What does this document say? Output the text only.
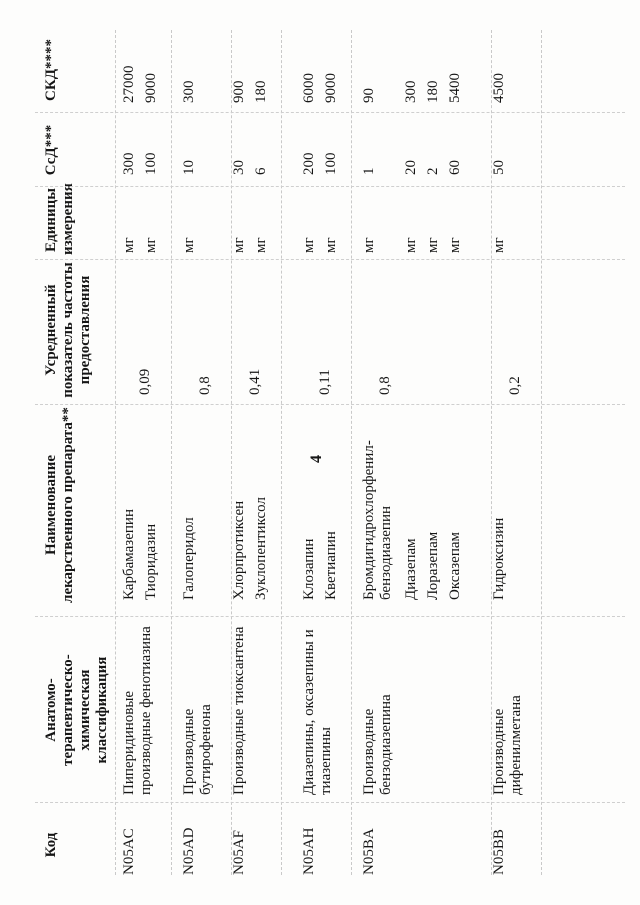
4
Код
Анатомо-терапевтическо-химическая классификация
Наименование лекарственного препарата**
Усредненный показатель частоты предоставления
Единицы измерения
СсД***
СКД****
N05AC
Пиперидиновые производные фенотиазина
0,09
Карбамазепин
мг
300
27000
Тиоридазин
мг
100
9000
N05AD
Производные бутирофенона
0,8
Галоперидол
мг
10
300
N05AF
Производные тиоксантена
0,41
Хлорпротиксен
мг
30
900
Зуклопентиксол
мг
6
180
N05AH
Диазепины, оксазепины и тиазепины
0,11
Клозапин
мг
200
6000
Кветиапин
мг
100
9000
N05BA
Производные бензодиазепина
0,8
Бромдигидрохлорфенил-бензодиазепин
мг
1
90
Диазепам
мг
20
300
Лоразепам
мг
2
180
Оксазепам
мг
60
5400
N05BB
Производные дифенилметана
0,2
Гидроксизин
мг
50
4500
